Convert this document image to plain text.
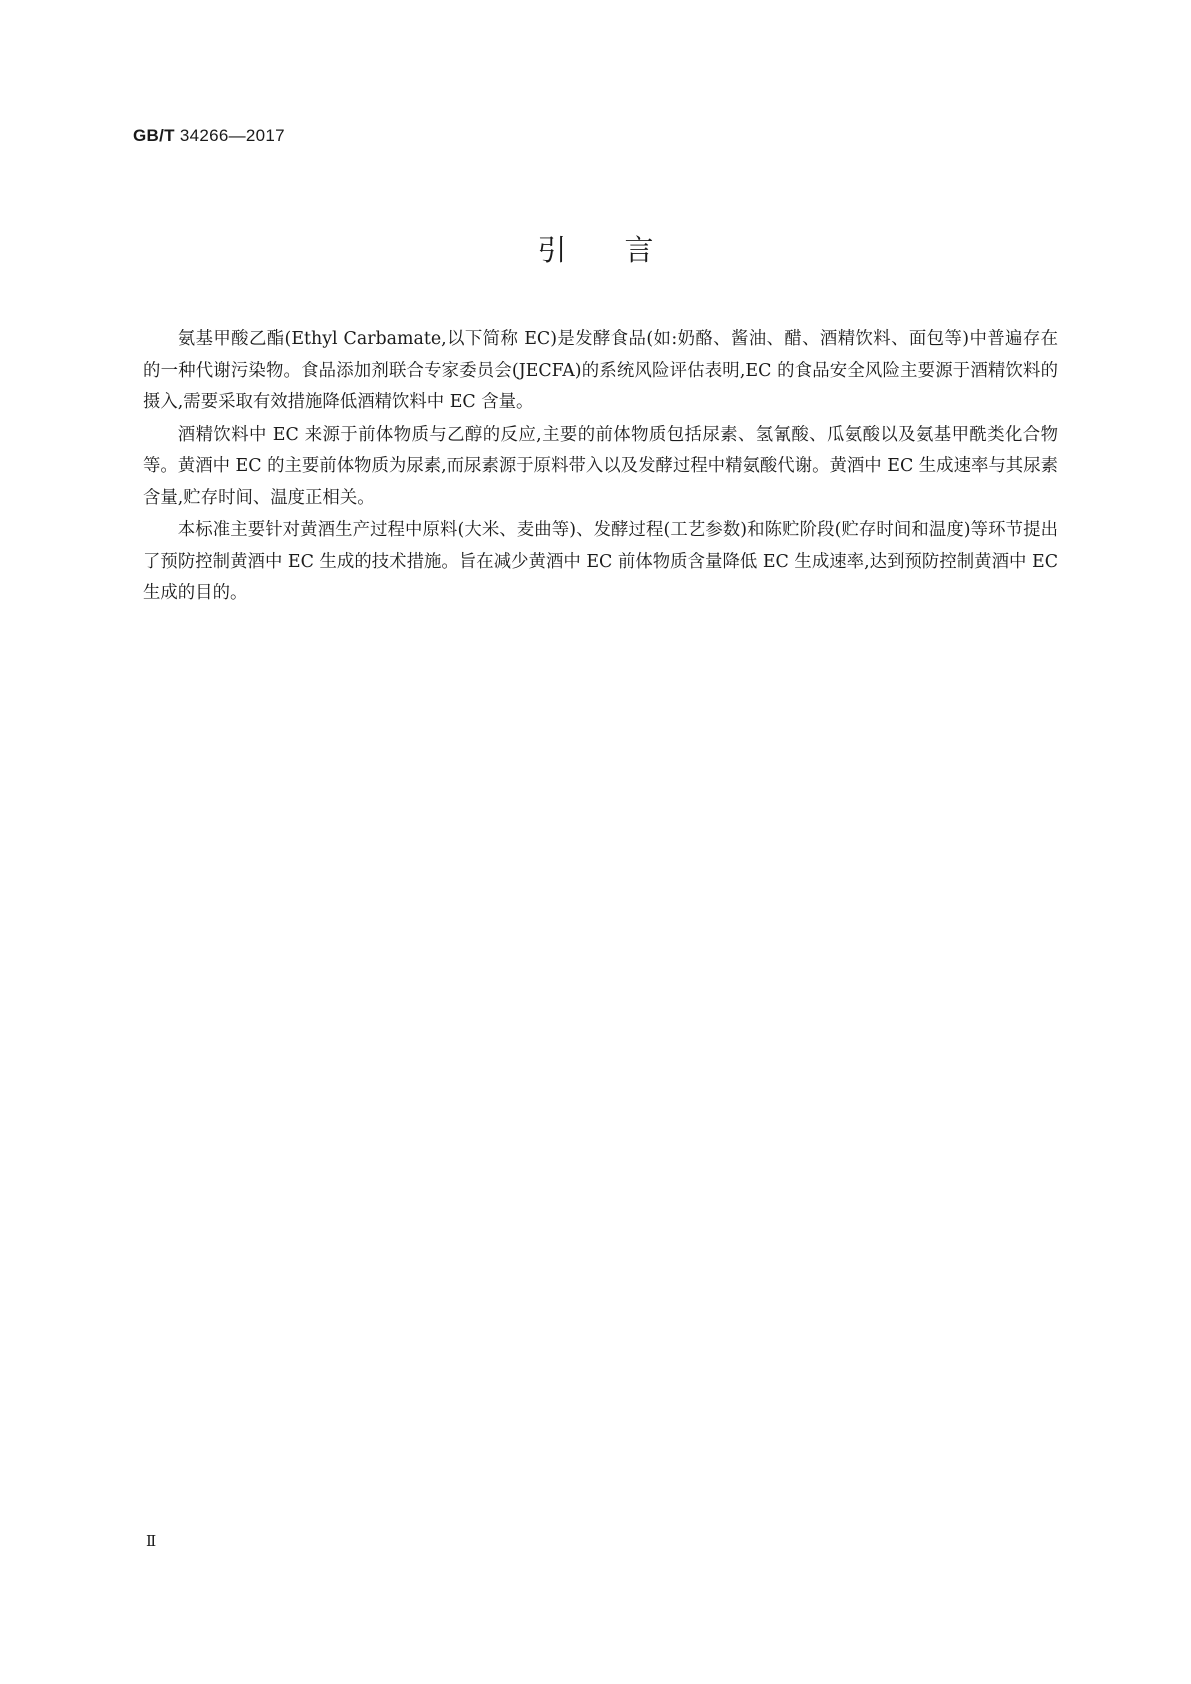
GB/T 34266—2017
引 言

氨基甲酸乙酯(Ethyl Carbamate,以下简称 EC)是发酵食品(如:奶酪、酱油、醋、酒精饮料、面包等)中普遍存在的一种代谢污染物。食品添加剂联合专家委员会(JECFA)的系统风险评估表明,EC 的食品安全风险主要源于酒精饮料的摄入,需要采取有效措施降低酒精饮料中 EC 含量。

酒精饮料中 EC 来源于前体物质与乙醇的反应,主要的前体物质包括尿素、氢氰酸、瓜氨酸以及氨基甲酰类化合物等。黄酒中 EC 的主要前体物质为尿素,而尿素源于原料带入以及发酵过程中精氨酸代谢。黄酒中 EC 生成速率与其尿素含量,贮存时间、温度正相关。

本标准主要针对黄酒生产过程中原料(大米、麦曲等)、发酵过程(工艺参数)和陈贮阶段(贮存时间和温度)等环节提出了预防控制黄酒中 EC 生成的技术措施。旨在减少黄酒中 EC 前体物质含量降低 EC 生成速率,达到预防控制黄酒中 EC 生成的目的。

Ⅱ
